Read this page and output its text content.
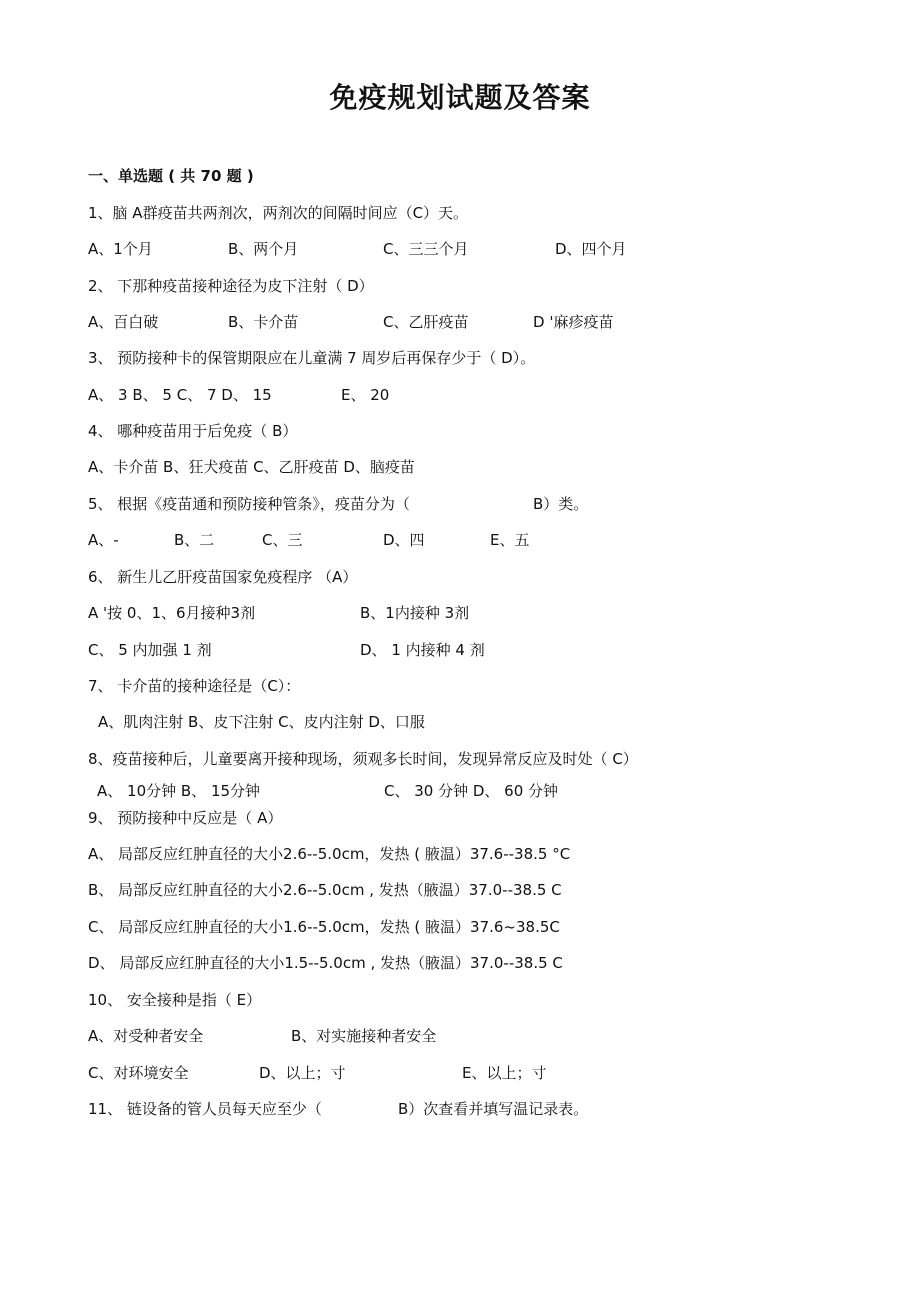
免疫规划试题及答案
一、单选题 ( 共 70 题 )
1、脑 A群疫苗共两剂次，两剂次的间隔时间应（C）天。
A、1个月	B、两个月	C、三三个月	D、四个月
2、 下那种疫苗接种途径为皮下注射（ D）
A、百白破	B、卡介苗	C、乙肝疫苗	D '麻疹疫苗
3、 预防接种卡的保管期限应在儿童满 7 周岁后再保存少于（ D）。
A、 3 B、 5 C、 7 D、 15	E、 20
4、 哪种疫苗用于后免疫（ B）
A、卡介苗 B、狂犬疫苗 C、乙肝疫苗 D、脑疫苗
5、 根据《疫苗通和预防接种管条》，疫苗分为（	B）类。
A、-	B、二	C、三	D、四	E、五
6、 新生儿乙肝疫苗国家免疫程序 （A）
A '按 0、1、6月接种3剂	B、1内接种 3剂
C、 5 内加强 1 剂	D、 1 内接种 4 剂
7、 卡介苗的接种途径是（C）：
A、肌肉注射 B、皮下注射 C、皮内注射 D、口服
8、疫苗接种后，儿童要离开接种现场，须观多长时间，发现异常反应及时处（ C）
A、 10分钟 B、 15分钟	C、 30 分钟 D、 60 分钟
9、 预防接种中反应是（ A）
A、 局部反应红肿直径的大小2.6--5.0cm，发热 ( 腋温）37.6--38.5 °C
B、 局部反应红肿直径的大小2.6--5.0cm , 发热（腋温）37.0--38.5 C
C、 局部反应红肿直径的大小1.6--5.0cm，发热 ( 腋温）37.6~38.5C
D、 局部反应红肿直径的大小1.5--5.0cm , 发热（腋温）37.0--38.5 C
10、 安全接种是指（ E）
A、对受种者安全	B、对实施接种者安全
C、对环境安全	D、以上；寸	E、以上；寸
11、 链设备的管人员每天应至少（	B）次查看并填写温记录表。
